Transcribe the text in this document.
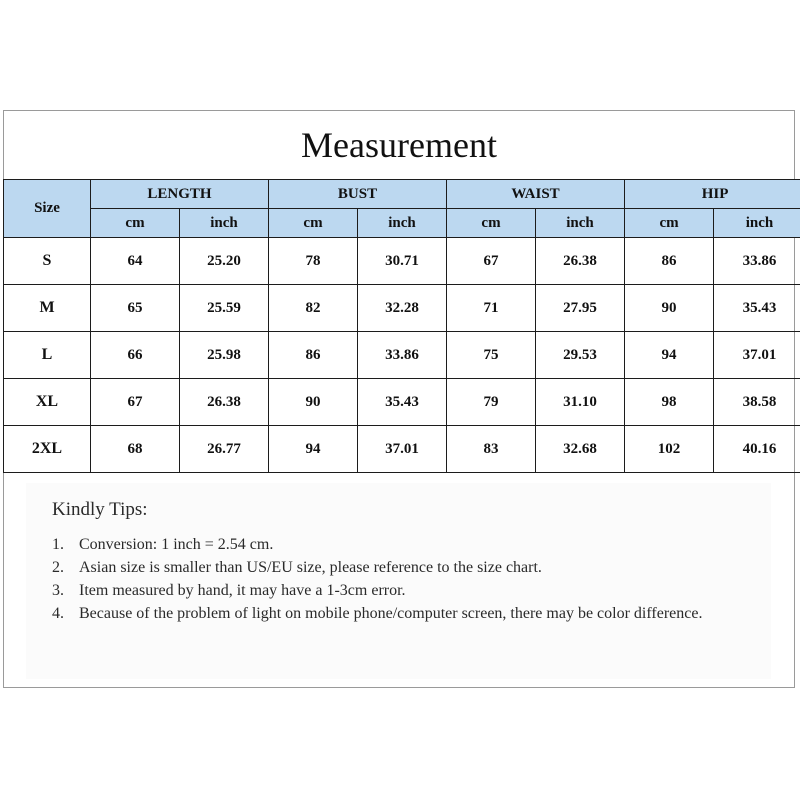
Measurement
Size	LENGTH		BUST		WAIST		HIP	
	cm	inch	cm	inch	cm	inch	cm	inch
S	64	25.20	78	30.71	67	26.38	86	33.86
M	65	25.59	82	32.28	71	27.95	90	35.43
L	66	25.98	86	33.86	75	29.53	94	37.01
XL	67	26.38	90	35.43	79	31.10	98	38.58
2XL	68	26.77	94	37.01	83	32.68	102	40.16
Kindly Tips:
1. Conversion: 1 inch = 2.54 cm.
2. Asian size is smaller than US/EU size, please reference to the size chart.
3. Item measured by hand, it may have a 1-3cm error.
4. Because of the problem of light on mobile phone/computer screen, there may be color difference.
